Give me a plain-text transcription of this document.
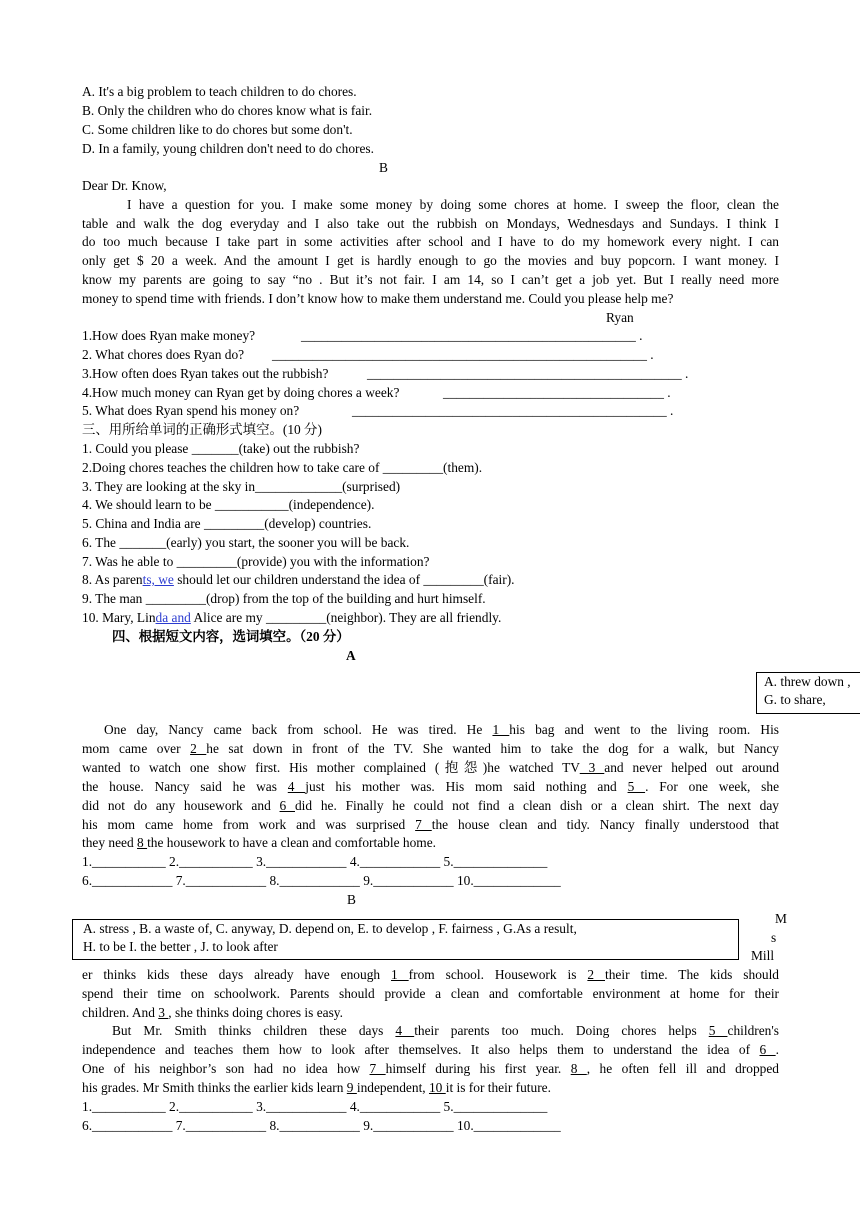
A. It's a big problem to teach children to do chores.
B. Only the children who do chores know what is fair.
C. Some children like to do chores but some don't.
D. In a family, young children don't need to do chores.
B
Dear Dr. Know,
I have a question for you. I make some money by doing some chores at home. I sweep the floor, clean the
table and walk the dog everyday and I also take out the rubbish on Mondays, Wednesdays and Sundays. I think I
do too much because I take part in some activities after school and I have to do my homework every night. I can
only get $ 20 a week. And the amount I get is hardly enough to go the movies and buy popcorn. I want money. I
know my parents are going to say “no . But it’s not fair. I am 14, so I can’t get a job yet. But I really need more
money to spend time with friends. I don’t know how to make them understand me. Could you please help me?
Ryan
1.How does Ryan make money?	__________________________________________________ .
2. What chores does Ryan do? ________________________________________________________ .
3.How often does Ryan takes out the rubbish?	_______________________________________________ .
4.How much money can Ryan get by doing chores a week?	_________________________________ .
5. What does Ryan spend his money on?	_______________________________________________ .
三、用所给单词的正确形式填空。(10 分)
1. Could you please _______(take) out the rubbish?
2.Doing chores teaches the children how to take care of _________(them).
3. They are looking at the sky in_____________(surprised)
4. We should learn to be ___________(independence).
5. China and India are _________(develop) countries.
6. The _______(early) you start, the sooner you will be back.
7. Was he able to _________(provide) you with the information?
8. As parents, we should let our children understand the idea of _________(fair).
9. The man _________(drop) from the top of the building and hurt himself.
10. Mary, Linda and Alice are my _________(neighbor). They are all friendly.
四、根据短文内容，选词填空。（20 分）
A
A. threw down ,
G. to share,
One day, Nancy came back from school. He was tired. He 1 his bag and went to the living room. His
mom came over 2 he sat down in front of the TV. She wanted him to take the dog for a walk, but Nancy
wanted to watch one show first. His mother complained (抱怨)he watched TV 3 and never helped out around
the house. Nancy said he was 4 just his mother was. His mom said nothing and 5 . For one week, she
did not do any housework and 6 did he. Finally he could not find a clean dish or a clean shirt. The next day
his mom came home from work and was surprised 7 the house clean and tidy. Nancy finally understood that
they need 8 the housework to have a clean and comfortable home.
1.___________ 2.___________ 3.____________ 4.____________ 5.______________
6.____________ 7.____________ 8.____________ 9.____________ 10._____________
B
A. stress , B. a waste of, C. anyway, D. depend on, E. to develop , F. fairness , G.As a result,
H. to be I. the better , J. to look after
M
s
Mill
er thinks kids these days already have enough 1 from school. Housework is 2 their time. The kids should
spend their time on schoolwork. Parents should provide a clean and comfortable environment at home for their
children. And 3 , she thinks doing chores is easy.
But Mr. Smith thinks children these days 4 their parents too much. Doing chores helps 5 children's
independence and teaches them how to look after themselves. It also helps them to understand the idea of 6 .
One of his neighbor’s son had no idea how 7 himself during his first year. 8 , he often fell ill and dropped
his grades. Mr Smith thinks the earlier kids learn 9 independent, 10 it is for their future.
1.___________ 2.___________ 3.____________ 4.____________ 5.______________
6.____________ 7.____________ 8.____________ 9.____________ 10._____________
